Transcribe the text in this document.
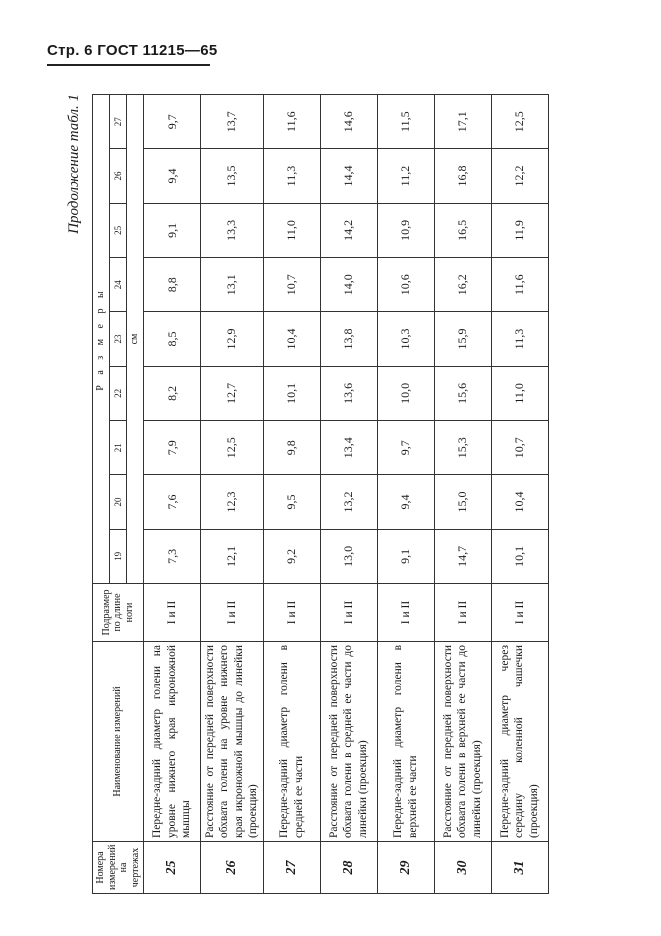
Стр. 6 ГОСТ 11215—65
Продолжение табл. 1
Номера измерений на чертежах	Наименование измерений	Подразмер по длине ноги	Р а з м е р ы								
			19	20	21	22	23	24	25	26	27
			см								
25	Передне-задний диаметр голени на уровне нижнего края икроножной мышцы	I и II	7,3	7,6	7,9	8,2	8,5	8,8	9,1	9,4	9,7
26	Расстояние от передней поверхности обхвата голени на уровне нижнего края икроножной мышцы до линейки (проекция)	I и II	12,1	12,3	12,5	12,7	12,9	13,1	13,3	13,5	13,7
27	Передне-задний диаметр голени в средней ее части	I и II	9,2	9,5	9,8	10,1	10,4	10,7	11,0	11,3	11,6
28	Расстояние от передней поверхности обхвата голени в средней ее части до линейки (проекция)	I и II	13,0	13,2	13,4	13,6	13,8	14,0	14,2	14,4	14,6
29	Передне-задний диаметр голени в верхней ее части	I и II	9,1	9,4	9,7	10,0	10,3	10,6	10,9	11,2	11,5
30	Расстояние от передней поверхности обхвата голени в верхней ее части до линейки (проекция)	I и II	14,7	15,0	15,3	15,6	15,9	16,2	16,5	16,8	17,1
31	Передне-задний диаметр через середину коленной чашечки (проекция)	I и II	10,1	10,4	10,7	11,0	11,3	11,6	11,9	12,2	12,5
